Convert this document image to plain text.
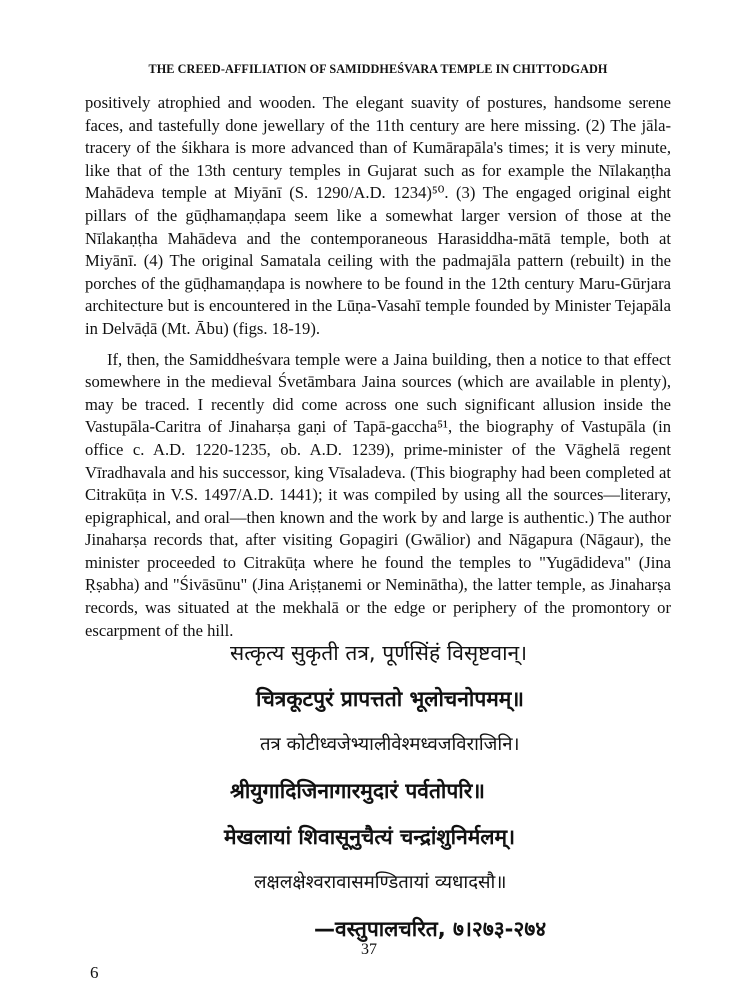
THE CREED-AFFILIATION OF SAMIDDHEŚVARA TEMPLE IN CHITTODGADH

positively atrophied and wooden. The elegant suavity of postures, handsome serene faces, and tastefully done jewellary of the 11th century are here missing. (2) The jāla-tracery of the śikhara is more advanced than of Kumārapāla's times; it is very minute, like that of the 13th century temples in Gujarat such as for example the Nīlakaṇṭha Mahādeva temple at Miyānī (S. 1290/A.D. 1234)⁵⁰. (3) The engaged original eight pillars of the gūḍhamaṇḍapa seem like a somewhat larger version of those at the Nīlakaṇṭha Mahādeva and the contemporaneous Harasiddha-mātā temple, both at Miyānī. (4) The original Samatala ceiling with the padmajāla pattern (rebuilt) in the porches of the gūḍhamaṇḍapa is nowhere to be found in the 12th century Maru-Gūrjara architecture but is encountered in the Lūṇa-Vasahī temple founded by Minister Tejapāla in Delvāḍā (Mt. Ābu) (figs. 18-19).

If, then, the Samiddheśvara temple were a Jaina building, then a notice to that effect somewhere in the medieval Śvetāmbara Jaina sources (which are available in plenty), may be traced. I recently did come across one such significant allusion inside the Vastupāla-Caritra of Jinaharṣa gaṇi of Tapā-gaccha⁵¹, the biography of Vastupāla (in office c. A.D. 1220-1235, ob. A.D. 1239), prime-minister of the Vāghelā regent Vīradhavala and his successor, king Vīsaladeva. (This biography had been completed at Citrakūṭa in V.S. 1497/A.D. 1441); it was compiled by using all the sources—literary, epigraphical, and oral—then known and the work by and large is authentic.) The author Jinaharṣa records that, after visiting Gopagiri (Gwālior) and Nāgapura (Nāgaur), the minister proceeded to Citrakūṭa where he found the temples to "Yugādideva" (Jina Ṛṣabha) and "Śivāsūnu" (Jina Ariṣṭanemi or Neminātha), the latter temple, as Jinaharṣa records, was situated at the mekhalā or the edge or periphery of the promontory or escarpment of the hill.

सत्कृत्य सुकृती तत्र, पूर्णसिंहं विसृष्टवान्।
चित्रकूटपुरं प्रापत्ततो भूलोचनोपमम्॥
तत्र कोटीध्वजेभ्यालीवेश्मध्वजविराजिनि।
श्रीयुगादिजिनागारमुदारं पर्वतोपरि॥
मेखलायां शिवासूनुचैत्यं चन्द्रांशुनिर्मलम्।
लक्षलक्षेश्वरावासमण्डितायां व्यधादसौ॥
—वस्तुपालचरित, ७।२७३-२७४
37
6
